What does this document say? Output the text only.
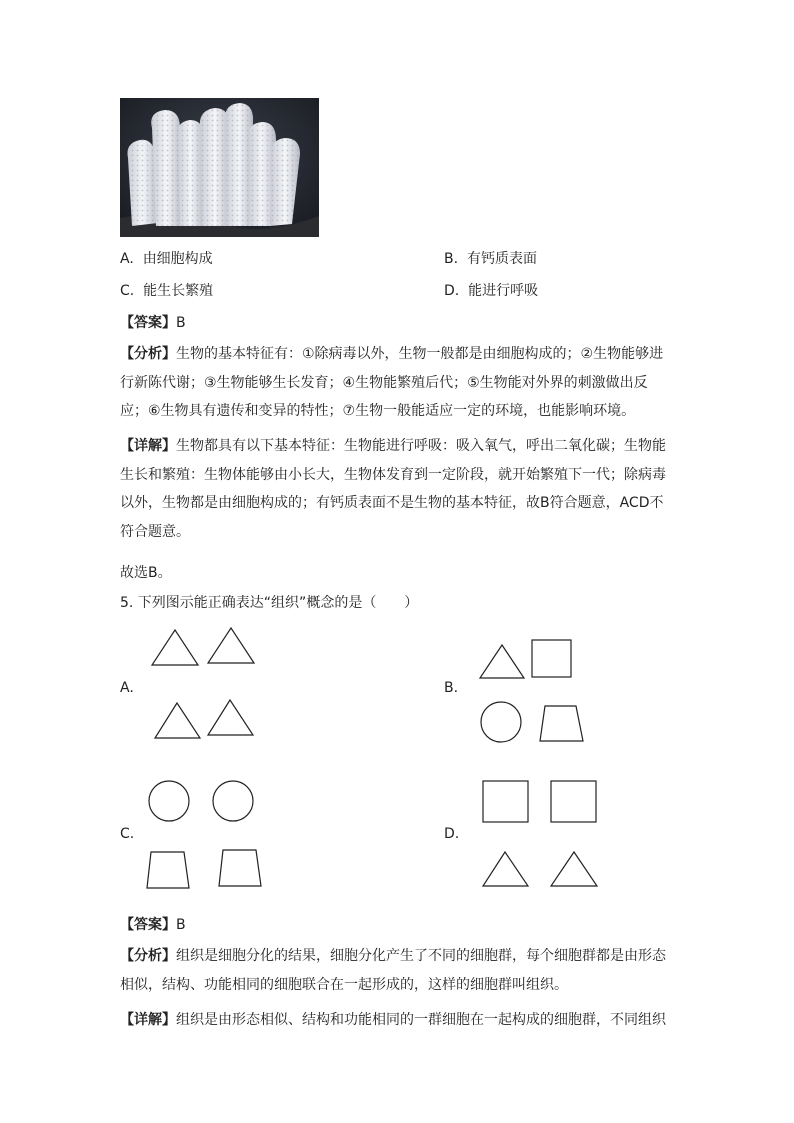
A. 由细胞构成	B. 有钙质表面
C. 能生长繁殖	D. 能进行呼吸
【答案】B
【分析】生物的基本特征有：①除病毒以外，生物一般都是由细胞构成的；②生物能够进
行新陈代谢；③生物能够生长发育；④生物能繁殖后代；⑤生物能对外界的刺激做出反
应；⑥生物具有遗传和变异的特性；⑦生物一般能适应一定的环境，也能影响环境。
【详解】生物都具有以下基本特征：生物能进行呼吸：吸入氧气，呼出二氧化碳；生物能
生长和繁殖：生物体能够由小长大，生物体发育到一定阶段，就开始繁殖下一代；除病毒
以外，生物都是由细胞构成的；有钙质表面不是生物的基本特征，故B符合题意，ACD不
符合题意。
故选B。
5. 下列图示能正确表达“组织”概念的是（　　）
A.	B.
C.	D.
【答案】B
【分析】组织是细胞分化的结果，细胞分化产生了不同的细胞群，每个细胞群都是由形态
相似，结构、功能相同的细胞联合在一起形成的，这样的细胞群叫组织。
【详解】组织是由形态相似、结构和功能相同的一群细胞在一起构成的细胞群，不同组织
